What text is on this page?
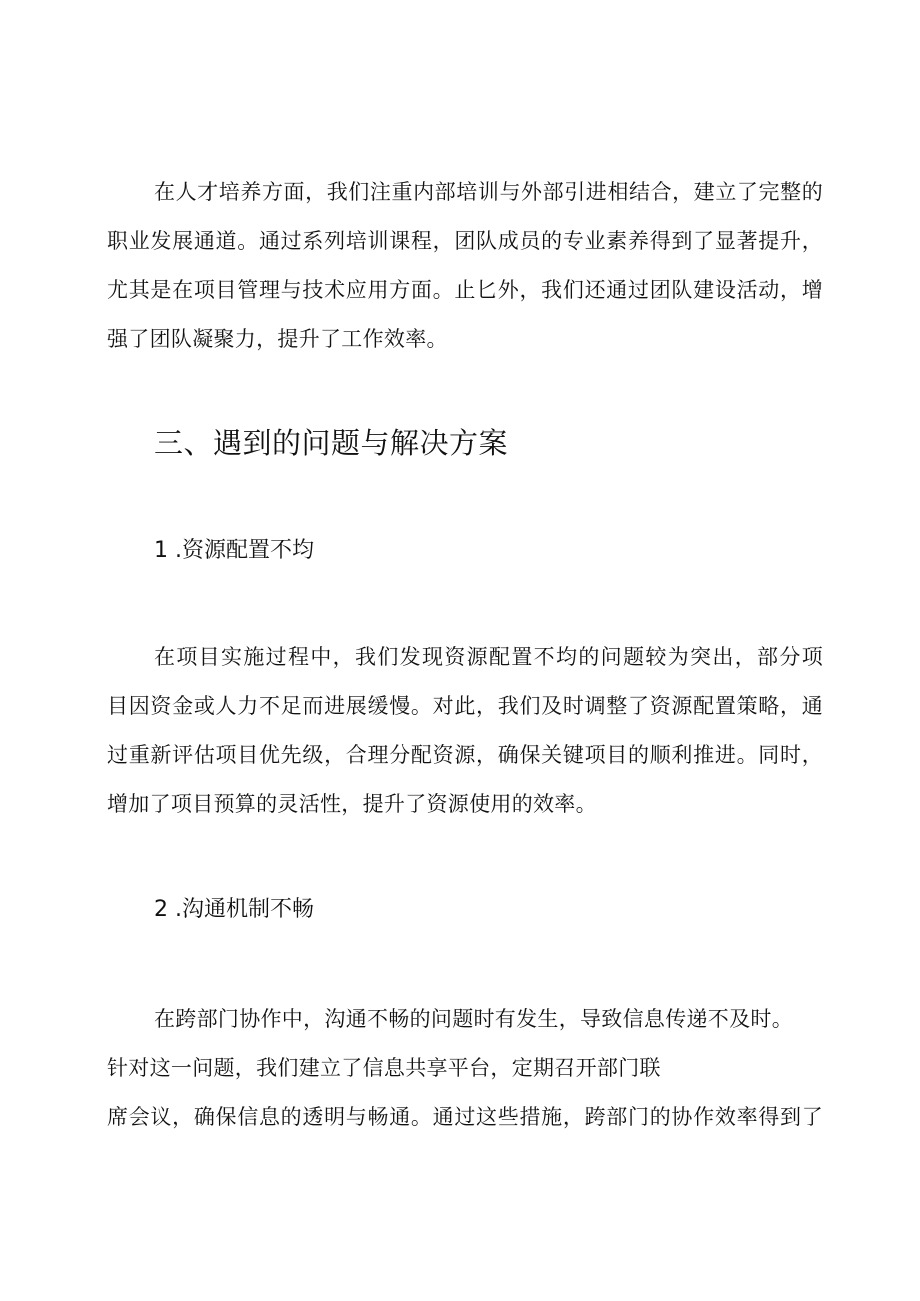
在人才培养方面，我们注重内部培训与外部引进相结合，建立了完整的
职业发展通道。通过系列培训课程，团队成员的专业素养得到了显著提升，
尤其是在项目管理与技术应用方面。止匕外，我们还通过团队建设活动，增
强了团队凝聚力，提升了工作效率。

三、遇到的问题与解决方案
1 .资源配置不均

在项目实施过程中，我们发现资源配置不均的问题较为突出，部分项
目因资金或人力不足而进展缓慢。对此，我们及时调整了资源配置策略，通
过重新评估项目优先级，合理分配资源，确保关键项目的顺利推进。同时，
增加了项目预算的灵活性，提升了资源使用的效率。

2 .沟通机制不畅

在跨部门协作中，沟通不畅的问题时有发生，导致信息传递不及时。
针对这一问题，我们建立了信息共享平台，定期召开部门联
席会议，确保信息的透明与畅通。通过这些措施，跨部门的协作效率得到了
